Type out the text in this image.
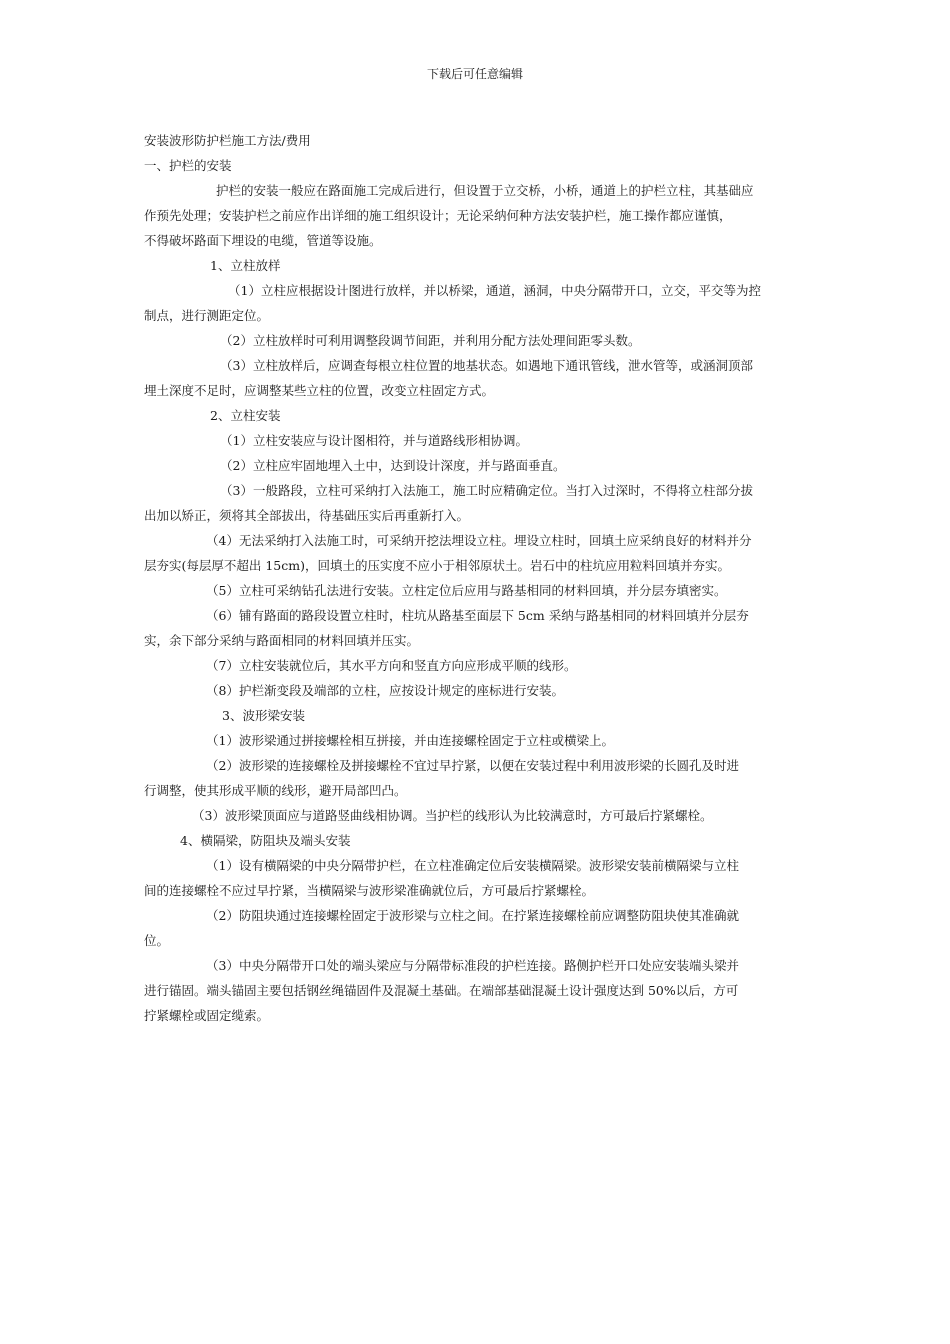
下载后可任意编辑
安装波形防护栏施工方法/费用
一、护栏的安装
护栏的安装一般应在路面施工完成后进行，但设置于立交桥，小桥，通道上的护栏立柱，其基础应
作预先处理；安装护栏之前应作出详细的施工组织设计；无论采纳何种方法安装护栏，施工操作都应谨慎，
不得破坏路面下埋设的电缆，管道等设施。
1、立柱放样
（1）立柱应根据设计图进行放样，并以桥梁，通道，涵洞，中央分隔带开口，立交，平交等为控
制点，进行测距定位。
（2）立柱放样时可利用调整段调节间距，并利用分配方法处理间距零头数。
（3）立柱放样后，应调查每根立柱位置的地基状态。如遇地下通讯管线，泄水管等，或涵洞顶部
埋土深度不足时，应调整某些立柱的位置，改变立柱固定方式。
2、立柱安装
（1）立柱安装应与设计图相符，并与道路线形相协调。
（2）立柱应牢固地埋入土中，达到设计深度，并与路面垂直。
（3）一般路段，立柱可采纳打入法施工，施工时应精确定位。当打入过深时，不得将立柱部分拔
出加以矫正，须将其全部拔出，待基础压实后再重新打入。
（4）无法采纳打入法施工时，可采纳开挖法埋设立柱。埋设立柱时，回填土应采纳良好的材料并分
层夯实(每层厚不超出 15cm)，回填土的压实度不应小于相邻原状土。岩石中的柱坑应用粒料回填并夯实。
（5）立柱可采纳钻孔法进行安装。立柱定位后应用与路基相同的材料回填，并分层夯填密实。
（6）铺有路面的路段设置立柱时，柱坑从路基至面层下 5cm 采纳与路基相同的材料回填并分层夯
实，余下部分采纳与路面相同的材料回填并压实。
（7）立柱安装就位后，其水平方向和竖直方向应形成平顺的线形。
（8）护栏渐变段及端部的立柱，应按设计规定的座标进行安装。
3、波形梁安装
（1）波形梁通过拼接螺栓相互拼接，并由连接螺栓固定于立柱或横梁上。
（2）波形梁的连接螺栓及拼接螺栓不宜过早拧紧，以便在安装过程中利用波形梁的长圆孔及时进
行调整，使其形成平顺的线形，避开局部凹凸。
（3）波形梁顶面应与道路竖曲线相协调。当护栏的线形认为比较满意时，方可最后拧紧螺栓。
4、横隔梁，防阻块及端头安装
（1）设有横隔梁的中央分隔带护栏，在立柱准确定位后安装横隔梁。波形梁安装前横隔梁与立柱
间的连接螺栓不应过早拧紧，当横隔梁与波形梁准确就位后，方可最后拧紧螺栓。
（2）防阻块通过连接螺栓固定于波形梁与立柱之间。在拧紧连接螺栓前应调整防阻块使其准确就
位。
（3）中央分隔带开口处的端头梁应与分隔带标准段的护栏连接。路侧护栏开口处应安装端头梁并
进行锚固。端头锚固主要包括钢丝绳锚固件及混凝土基础。在端部基础混凝土设计强度达到 50%以后，方可
拧紧螺栓或固定缆索。
